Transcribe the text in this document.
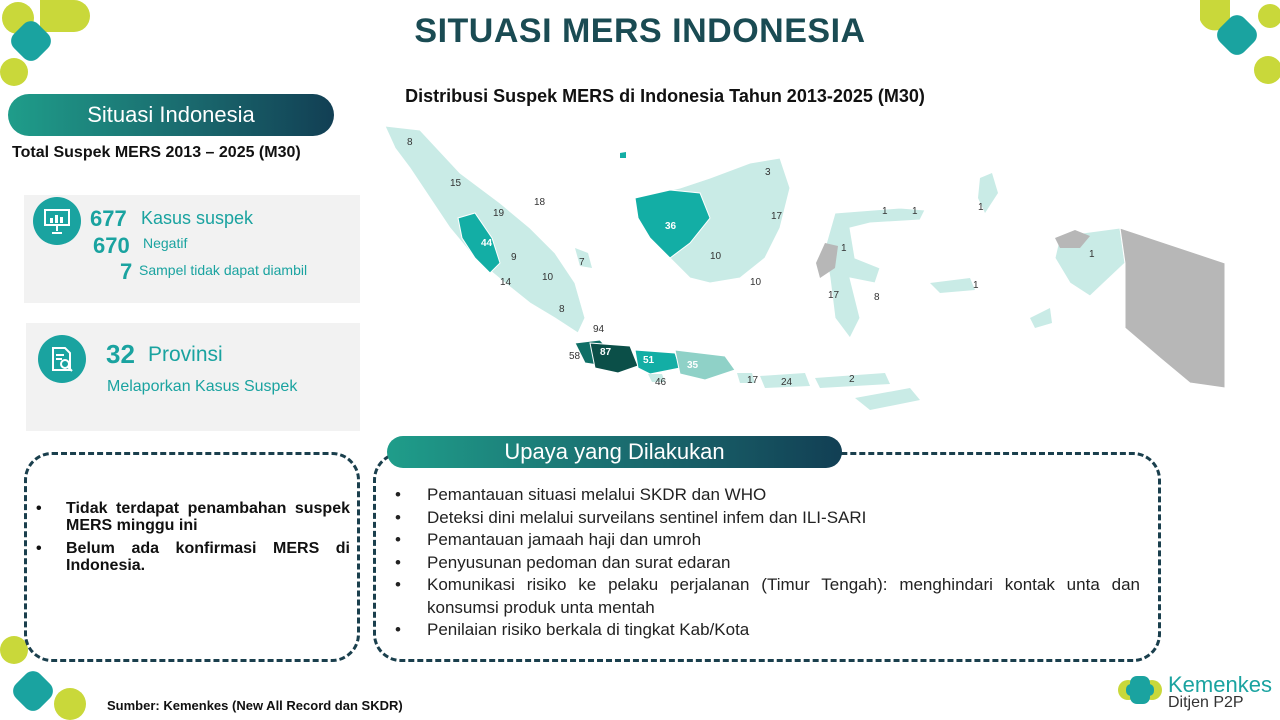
SITUASI MERS INDONESIA
Distribusi Suspek MERS di Indonesia Tahun 2013-2025 (M30)
Situasi Indonesia
Total Suspek MERS 2013 – 2025 (M30)
677 Kasus suspek
670 Negatif
7 Sampel tidak dapat diambil
32 Provinsi
Melaporkan Kasus Suspek
8
15
18
19
44
9	7
10
14
8
94
58 87
51	35
46	17 24	2
36
3
17
10
10
1 1
1
17	8
1
1
1
• Tidak terdapat penambahan suspek MERS minggu ini
• Belum ada konfirmasi MERS di Indonesia.
Upaya yang Dilakukan
• Pemantauan situasi melalui SKDR dan WHO
• Deteksi dini melalui surveilans sentinel infem dan ILI-SARI
• Pemantauan jamaah haji dan umroh
• Penyusunan pedoman dan surat edaran
• Komunikasi risiko ke pelaku perjalanan (Timur Tengah): menghindari kontak unta dan konsumsi produk unta mentah
• Penilaian risiko berkala di tingkat Kab/Kota
Sumber: Kemenkes (New All Record dan SKDR)
Kemenkes
Ditjen P2P
